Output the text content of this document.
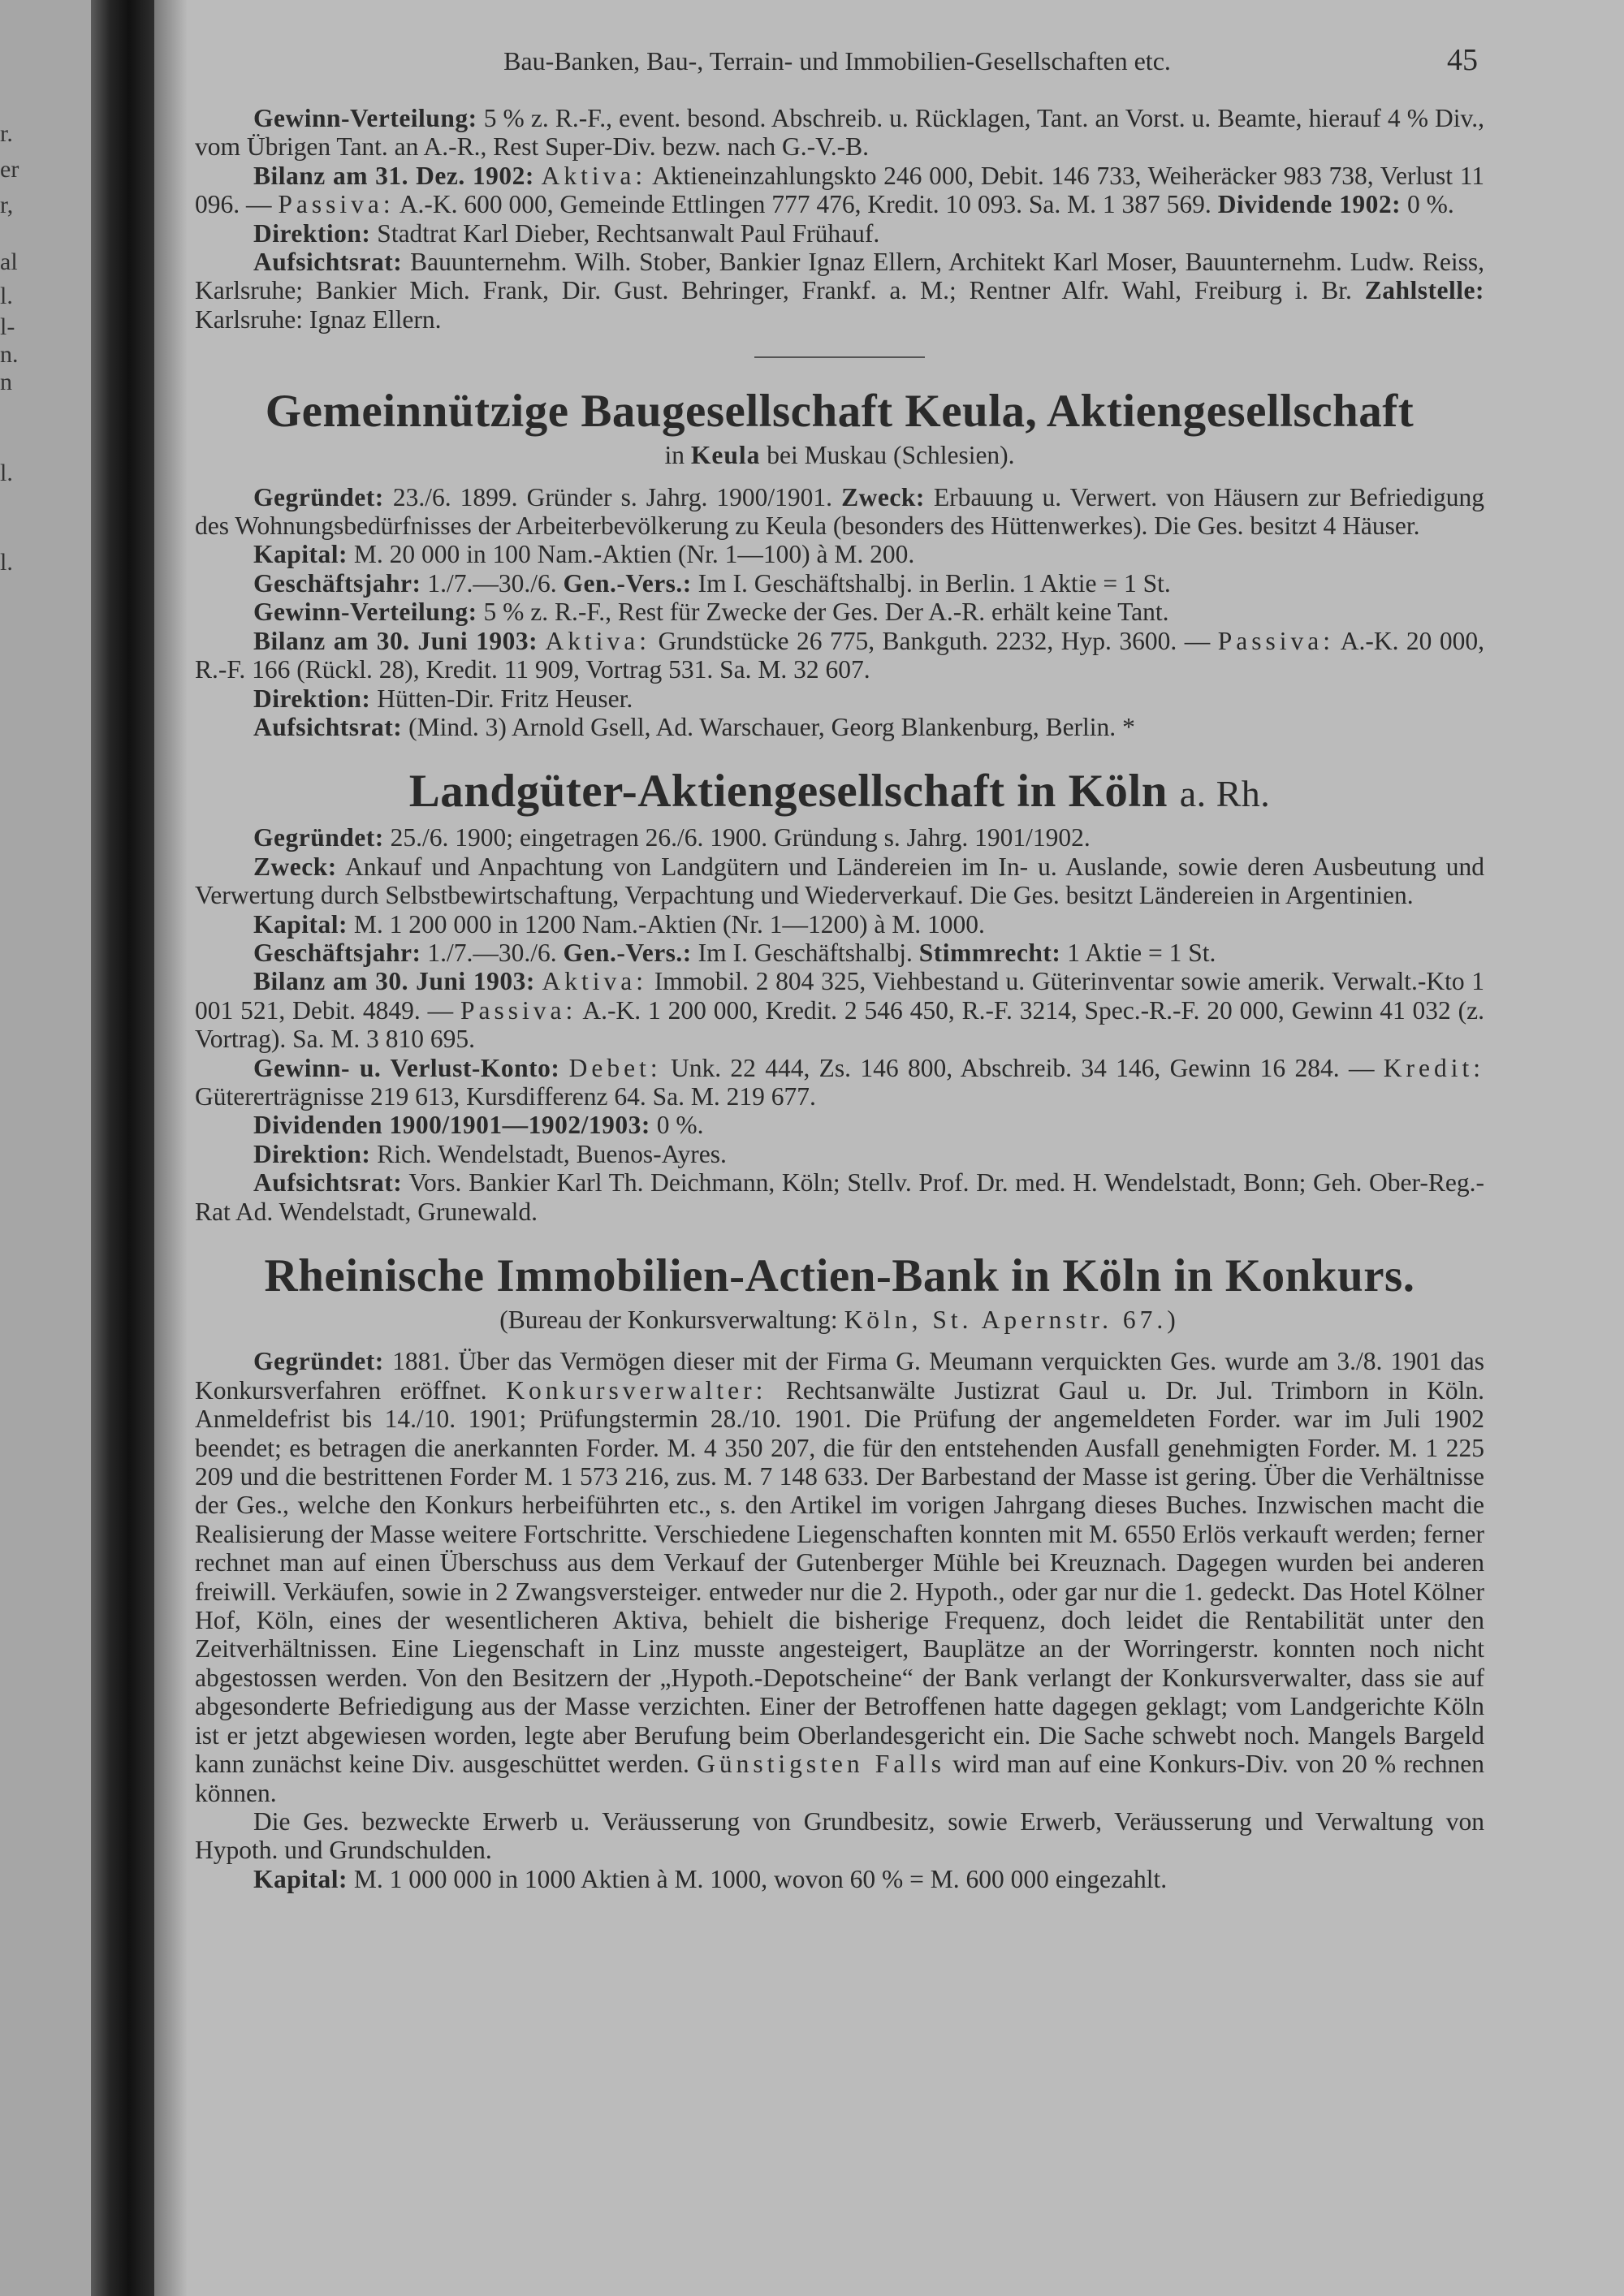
r.
er
r,
al
l.
l-
n.
n
l.
l.
Bau-Banken, Bau-, Terrain- und Immobilien-Gesellschaften etc.	45

Gewinn-Verteilung: 5 % z. R.-F., event. besond. Abschreib. u. Rücklagen, Tant. an Vorst. u. Beamte, hierauf 4 % Div., vom Übrigen Tant. an A.-R., Rest Super-Div. bezw. nach G.-V.-B.

Bilanz am 31. Dez. 1902: Aktiva: Aktieneinzahlungskto 246 000, Debit. 146 733, Weiheräcker 983 738, Verlust 11 096. — Passiva: A.-K. 600 000, Gemeinde Ettlingen 777 476, Kredit. 10 093. Sa. M. 1 387 569. Dividende 1902: 0 %.

Direktion: Stadtrat Karl Dieber, Rechtsanwalt Paul Frühauf.

Aufsichtsrat: Bauunternehm. Wilh. Stober, Bankier Ignaz Ellern, Architekt Karl Moser, Bauunternehm. Ludw. Reiss, Karlsruhe; Bankier Mich. Frank, Dir. Gust. Behringer, Frankf. a. M.; Rentner Alfr. Wahl, Freiburg i. Br. Zahlstelle: Karlsruhe: Ignaz Ellern.

Gemeinnützige Baugesellschaft Keula, Aktiengesellschaft

in Keula bei Muskau (Schlesien).

Gegründet: 23./6. 1899. Gründer s. Jahrg. 1900/1901. Zweck: Erbauung u. Verwert. von Häusern zur Befriedigung des Wohnungsbedürfnisses der Arbeiterbevölkerung zu Keula (besonders des Hüttenwerkes). Die Ges. besitzt 4 Häuser.

Kapital: M. 20 000 in 100 Nam.-Aktien (Nr. 1—100) à M. 200.

Geschäftsjahr: 1./7.—30./6. Gen.-Vers.: Im I. Geschäftshalbj. in Berlin. 1 Aktie = 1 St.

Gewinn-Verteilung: 5 % z. R.-F., Rest für Zwecke der Ges. Der A.-R. erhält keine Tant.

Bilanz am 30. Juni 1903: Aktiva: Grundstücke 26 775, Bankguth. 2232, Hyp. 3600. — Passiva: A.-K. 20 000, R.-F. 166 (Rückl. 28), Kredit. 11 909, Vortrag 531. Sa. M. 32 607.

Direktion: Hütten-Dir. Fritz Heuser.

Aufsichtsrat: (Mind. 3) Arnold Gsell, Ad. Warschauer, Georg Blankenburg, Berlin. *

Landgüter-Aktiengesellschaft in Köln a. Rh.

Gegründet: 25./6. 1900; eingetragen 26./6. 1900. Gründung s. Jahrg. 1901/1902.

Zweck: Ankauf und Anpachtung von Landgütern und Ländereien im In- u. Auslande, sowie deren Ausbeutung und Verwertung durch Selbstbewirtschaftung, Verpachtung und Wiederverkauf. Die Ges. besitzt Ländereien in Argentinien.

Kapital: M. 1 200 000 in 1200 Nam.-Aktien (Nr. 1—1200) à M. 1000.

Geschäftsjahr: 1./7.—30./6. Gen.-Vers.: Im I. Geschäftshalbj. Stimmrecht: 1 Aktie = 1 St.

Bilanz am 30. Juni 1903: Aktiva: Immobil. 2 804 325, Viehbestand u. Güterinventar sowie amerik. Verwalt.-Kto 1 001 521, Debit. 4849. — Passiva: A.-K. 1 200 000, Kredit. 2 546 450, R.-F. 3214, Spec.-R.-F. 20 000, Gewinn 41 032 (z. Vortrag). Sa. M. 3 810 695.

Gewinn- u. Verlust-Konto: Debet: Unk. 22 444, Zs. 146 800, Abschreib. 34 146, Gewinn 16 284. — Kredit: Gütererträgnisse 219 613, Kursdifferenz 64. Sa. M. 219 677.

Dividenden 1900/1901—1902/1903: 0 %.

Direktion: Rich. Wendelstadt, Buenos-Ayres.

Aufsichtsrat: Vors. Bankier Karl Th. Deichmann, Köln; Stellv. Prof. Dr. med. H. Wendelstadt, Bonn; Geh. Ober-Reg.-Rat Ad. Wendelstadt, Grunewald.

Rheinische Immobilien-Actien-Bank in Köln in Konkurs.

(Bureau der Konkursverwaltung: Köln, St. Apernstr. 67.)

Gegründet: 1881. Über das Vermögen dieser mit der Firma G. Meumann verquickten Ges. wurde am 3./8. 1901 das Konkursverfahren eröffnet. Konkursverwalter: Rechtsanwälte Justizrat Gaul u. Dr. Jul. Trimborn in Köln. Anmeldefrist bis 14./10. 1901; Prüfungstermin 28./10. 1901. Die Prüfung der angemeldeten Forder. war im Juli 1902 beendet; es betragen die anerkannten Forder. M. 4 350 207, die für den entstehenden Ausfall genehmigten Forder. M. 1 225 209 und die bestrittenen Forder M. 1 573 216, zus. M. 7 148 633. Der Barbestand der Masse ist gering. Über die Verhältnisse der Ges., welche den Konkurs herbeiführten etc., s. den Artikel im vorigen Jahrgang dieses Buches. Inzwischen macht die Realisierung der Masse weitere Fortschritte. Verschiedene Liegenschaften konnten mit M. 6550 Erlös verkauft werden; ferner rechnet man auf einen Überschuss aus dem Verkauf der Gutenberger Mühle bei Kreuznach. Dagegen wurden bei anderen freiwill. Verkäufen, sowie in 2 Zwangsversteiger. entweder nur die 2. Hypoth., oder gar nur die 1. gedeckt. Das Hotel Kölner Hof, Köln, eines der wesentlicheren Aktiva, behielt die bisherige Frequenz, doch leidet die Rentabilität unter den Zeitverhältnissen. Eine Liegenschaft in Linz musste angesteigert, Bauplätze an der Worringerstr. konnten noch nicht abgestossen werden. Von den Besitzern der „Hypoth.-Depotscheine“ der Bank verlangt der Konkursverwalter, dass sie auf abgesonderte Befriedigung aus der Masse verzichten. Einer der Betroffenen hatte dagegen geklagt; vom Landgerichte Köln ist er jetzt abgewiesen worden, legte aber Berufung beim Oberlandesgericht ein. Die Sache schwebt noch. Mangels Bargeld kann zunächst keine Div. ausgeschüttet werden. Günstigsten Falls wird man auf eine Konkurs-Div. von 20 % rechnen können.

Die Ges. bezweckte Erwerb u. Veräusserung von Grundbesitz, sowie Erwerb, Veräusserung und Verwaltung von Hypoth. und Grundschulden.

Kapital: M. 1 000 000 in 1000 Aktien à M. 1000, wovon 60 % = M. 600 000 eingezahlt.
